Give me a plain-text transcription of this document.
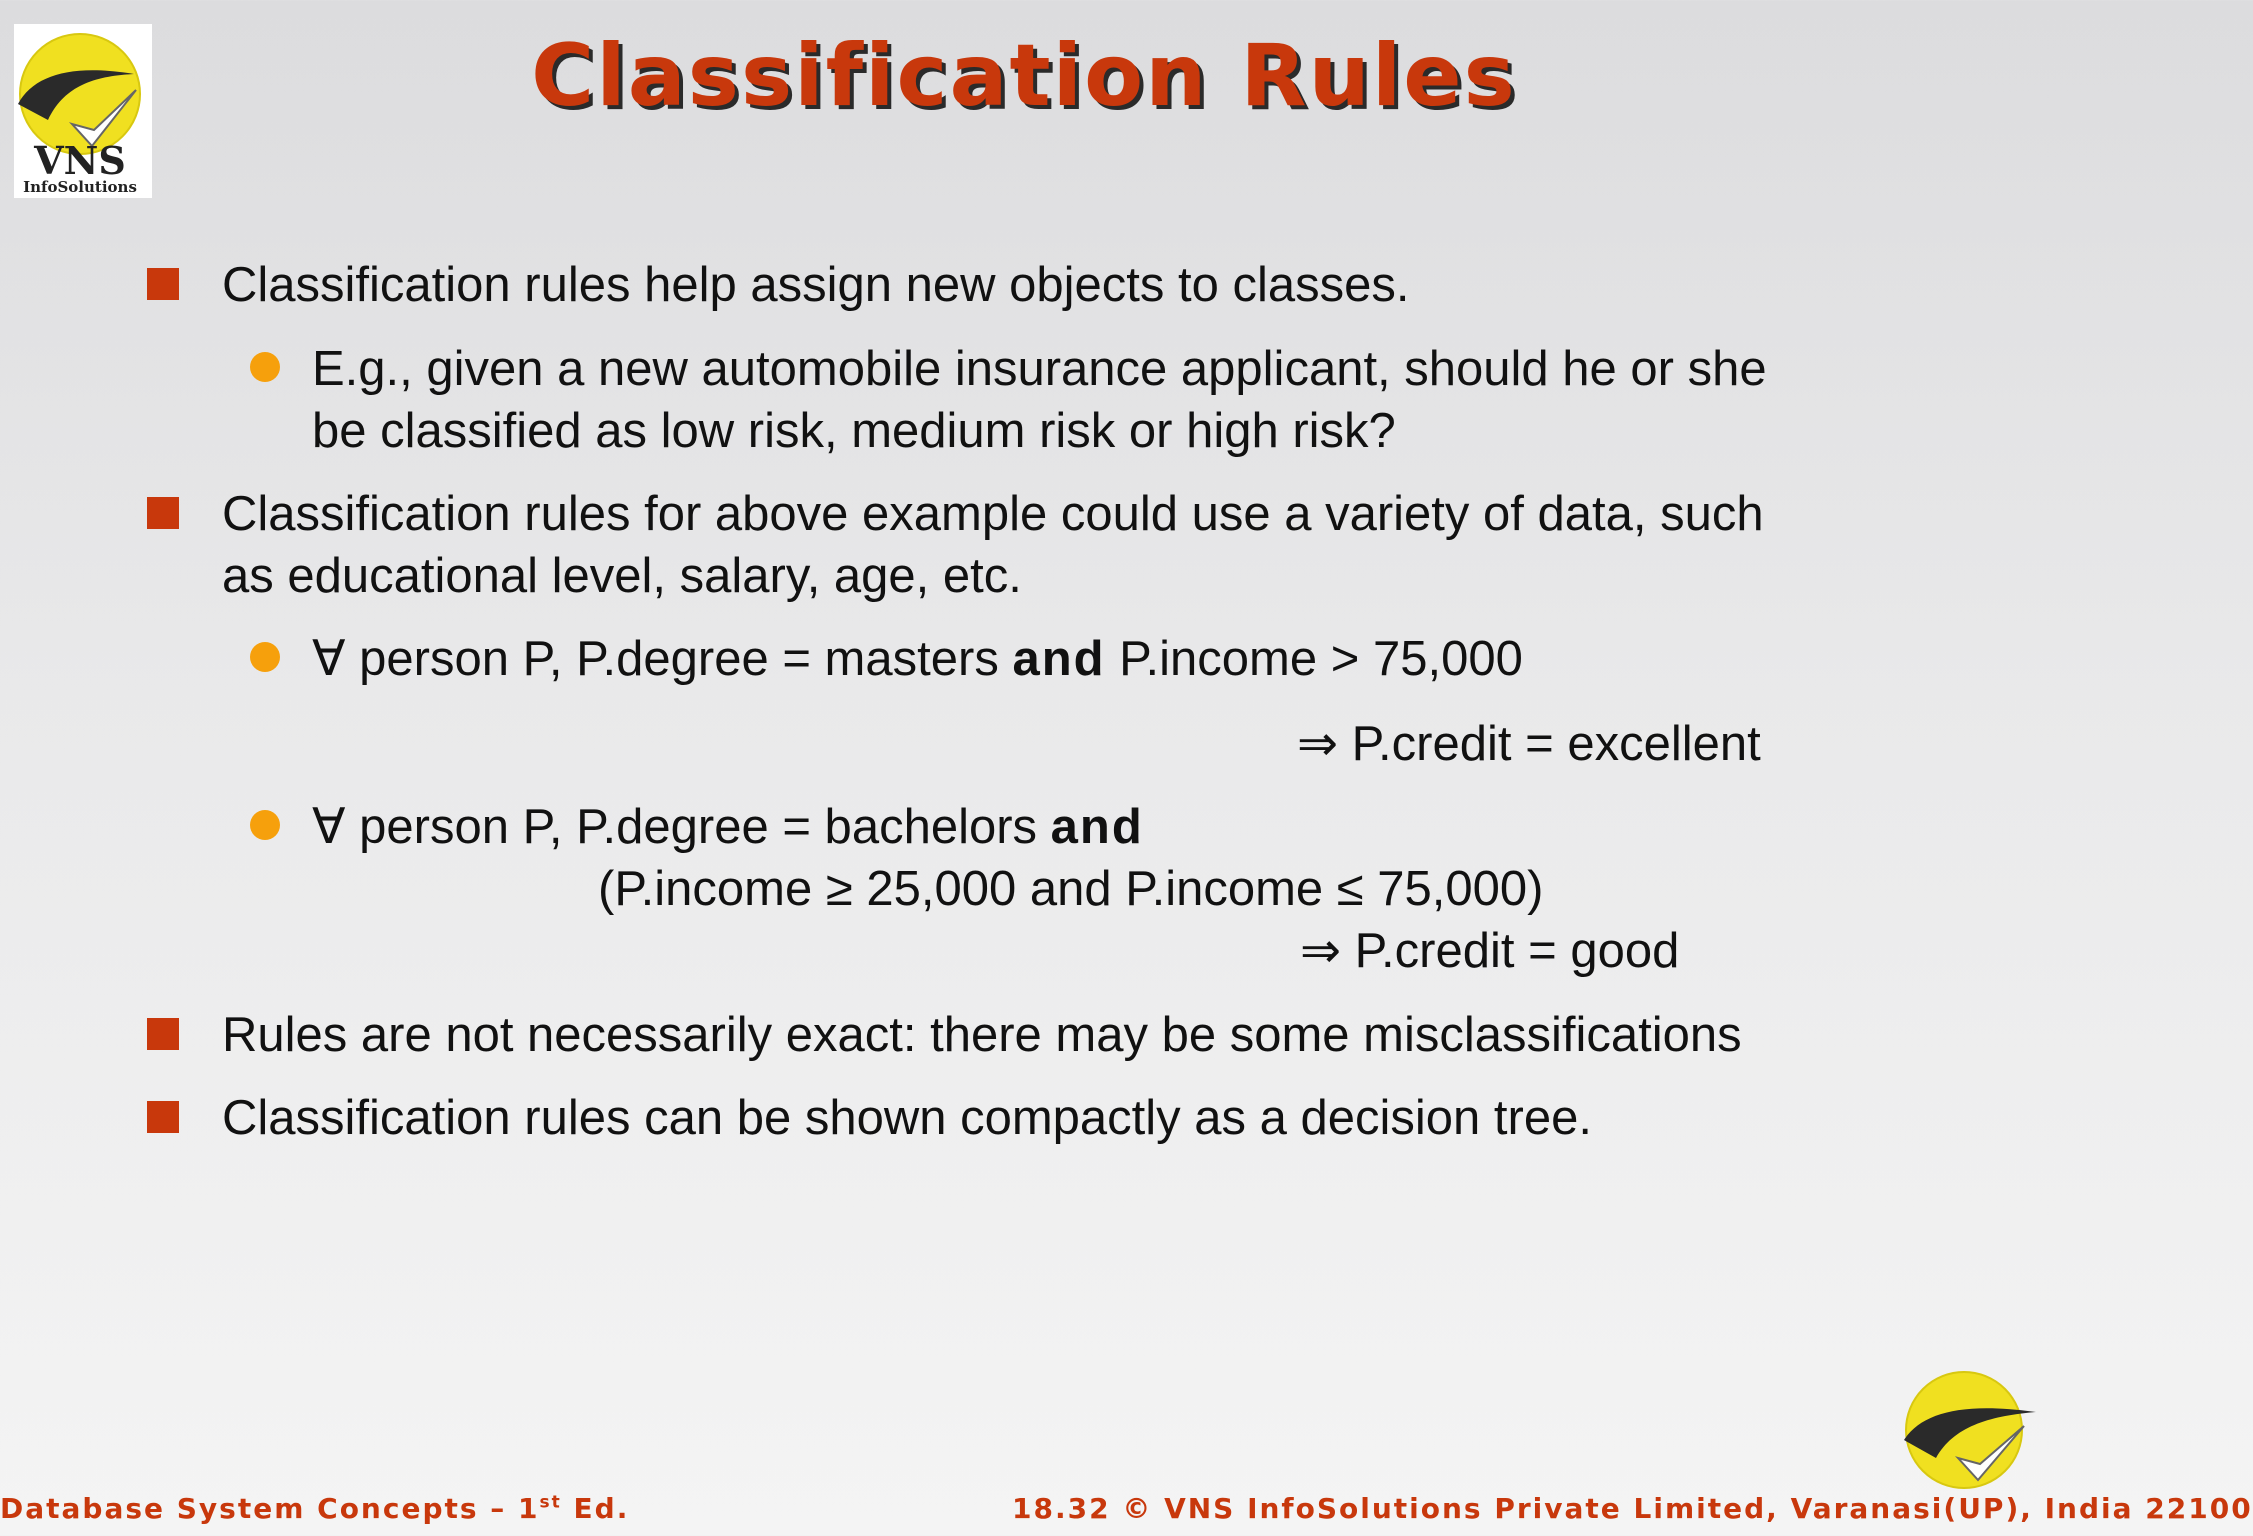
VNS
InfoSolutions
Classification Rules
Classification rules help assign new objects to classes.
E.g., given a new automobile insurance applicant, should he or she
be classified as low risk, medium risk or high risk?
Classification rules for above example could use a variety of data, such
as educational level, salary, age, etc.
∀ person P, P.degree = masters and P.income > 75,000
⇒ P.credit = excellent
∀ person P, P.degree = bachelors and
(P.income ≥ 25,000 and P.income ≤ 75,000)
⇒ P.credit = good
Rules are not necessarily exact: there may be some misclassifications
Classification rules can be shown compactly as a decision tree.
Database System Concepts – 1st Ed.	18.32 © VNS InfoSolutions Private Limited, Varanasi(UP), India 22100
